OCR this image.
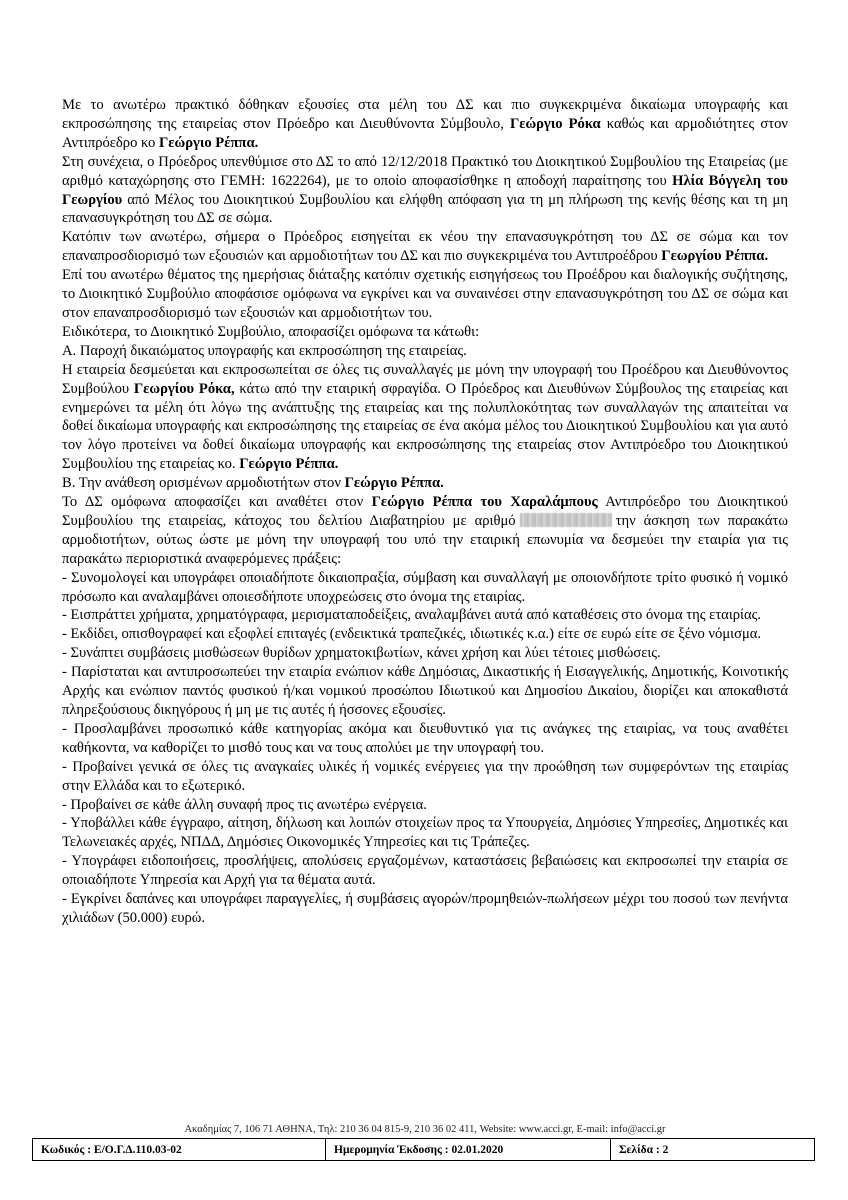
Με το ανωτέρω πρακτικό δόθηκαν εξουσίες στα μέλη του ΔΣ και πιο συγκεκριμένα δικαίωμα υπογραφής και εκπροσώπησης της εταιρείας στον Πρόεδρο και Διευθύνοντα Σύμβουλο, Γεώργιο Ρόκα καθώς και αρμοδιότητες στον Αντιπρόεδρο κο Γεώργιο Ρέππα.

Στη συνέχεια, ο Πρόεδρος υπενθύμισε στο ΔΣ το από 12/12/2018 Πρακτικό του Διοικητικού Συμβουλίου της Εταιρείας (με αριθμό καταχώρησης στο ΓΕΜΗ: 1622264), με το οποίο αποφασίσθηκε η αποδοχή παραίτησης του Ηλία Βόγγελη του Γεωργίου από Μέλος του Διοικητικού Συμβουλίου και ελήφθη απόφαση για τη μη πλήρωση της κενής θέσης και τη μη επανασυγκρότηση του ΔΣ σε σώμα.

Κατόπιν των ανωτέρω, σήμερα ο Πρόεδρος εισηγείται εκ νέου την επανασυγκρότηση του ΔΣ σε σώμα και τον επαναπροσδιορισμό των εξουσιών και αρμοδιοτήτων του ΔΣ και πιο συγκεκριμένα του Αντιπροέδρου Γεωργίου Ρέππα.

Επί του ανωτέρω θέματος της ημερήσιας διάταξης κατόπιν σχετικής εισηγήσεως του Προέδρου και διαλογικής συζήτησης, το Διοικητικό Συμβούλιο αποφάσισε ομόφωνα να εγκρίνει και να συναινέσει στην επανασυγκρότηση του ΔΣ σε σώμα και στον επαναπροσδιορισμό των εξουσιών και αρμοδιοτήτων του.

Ειδικότερα, το Διοικητικό Συμβούλιο, αποφασίζει ομόφωνα τα κάτωθι:

Α. Παροχή δικαιώματος υπογραφής και εκπροσώπηση της εταιρείας.

Η εταιρεία δεσμεύεται και εκπροσωπείται σε όλες τις συναλλαγές με μόνη την υπογραφή του Προέδρου και Διευθύνοντος Συμβούλου Γεωργίου Ρόκα, κάτω από την εταιρική σφραγίδα. Ο Πρόεδρος και Διευθύνων Σύμβουλος της εταιρείας και ενημερώνει τα μέλη ότι λόγω της ανάπτυξης της εταιρείας και της πολυπλοκότητας των συναλλαγών της απαιτείται να δοθεί δικαίωμα υπογραφής και εκπροσώπησης της εταιρείας σε ένα ακόμα μέλος του Διοικητικού Συμβουλίου και για αυτό τον λόγο προτείνει να δοθεί δικαίωμα υπογραφής και εκπροσώπησης της εταιρείας στον Αντιπρόεδρο του Διοικητικού Συμβουλίου της εταιρείας κο. Γεώργιο Ρέππα.

Β. Την ανάθεση ορισμένων αρμοδιοτήτων στον Γεώργιο Ρέππα.

Το ΔΣ ομόφωνα αποφασίζει και αναθέτει στον Γεώργιο Ρέππα του Χαραλάμπους Αντιπρόεδρο του Διοικητικού Συμβουλίου της εταιρείας, κάτοχος του δελτίου Διαβατηρίου με αριθμό	την άσκηση των παρακάτω αρμοδιοτήτων, ούτως ώστε με μόνη την υπογραφή του υπό την εταιρική επωνυμία να δεσμεύει την εταιρία για τις παρακάτω περιοριστικά αναφερόμενες πράξεις:

- Συνομολογεί και υπογράφει οποιαδήποτε δικαιοπραξία, σύμβαση και συναλλαγή με οποιονδήποτε τρίτο φυσικό ή νομικό πρόσωπο και αναλαμβάνει οποιεσδήποτε υποχρεώσεις στο όνομα της εταιρίας.

- Εισπράττει χρήματα, χρηματόγραφα, μερισματαποδείξεις, αναλαμβάνει αυτά από καταθέσεις στο όνομα της εταιρίας.

- Εκδίδει, οπισθογραφεί και εξοφλεί επιταγές (ενδεικτικά τραπεζικές, ιδιωτικές κ.α.) είτε σε ευρώ είτε σε ξένο νόμισμα.

- Συνάπτει συμβάσεις μισθώσεων θυρίδων χρηματοκιβωτίων, κάνει χρήση και λύει τέτοιες μισθώσεις.

- Παρίσταται και αντιπροσωπεύει την εταιρία ενώπιον κάθε Δημόσιας, Δικαστικής ή Εισαγγελικής, Δημοτικής, Κοινοτικής Αρχής και ενώπιον παντός φυσικού ή/και νομικού προσώπου Ιδιωτικού και Δημοσίου Δικαίου, διορίζει και αποκαθιστά πληρεξούσιους δικηγόρους ή μη με τις αυτές ή ήσσονες εξουσίες.

- Προσλαμβάνει προσωπικό κάθε κατηγορίας ακόμα και διευθυντικό για τις ανάγκες της εταιρίας, να τους αναθέτει καθήκοντα, να καθορίζει το μισθό τους και να τους απολύει με την υπογραφή του.

- Προβαίνει γενικά σε όλες τις αναγκαίες υλικές ή νομικές ενέργειες για την προώθηση των συμφερόντων της εταιρίας στην Ελλάδα και το εξωτερικό.

- Προβαίνει σε κάθε άλλη συναφή προς τις ανωτέρω ενέργεια.

- Υποβάλλει κάθε έγγραφο, αίτηση, δήλωση και λοιπών στοιχείων προς τα Υπουργεία, Δημόσιες Υπηρεσίες, Δημοτικές και Τελωνειακές αρχές, ΝΠΔΔ, Δημόσιες Οικονομικές Υπηρεσίες και τις Τράπεζες.

- Υπογράφει ειδοποιήσεις, προσλήψεις, απολύσεις εργαζομένων, καταστάσεις βεβαιώσεις και εκπροσωπεί την εταιρία σε οποιαδήποτε Υπηρεσία και Αρχή για τα θέματα αυτά.

- Εγκρίνει δαπάνες και υπογράφει παραγγελίες, ή συμβάσεις αγορών/προμηθειών-πωλήσεων μέχρι του ποσού των πενήντα χιλιάδων (50.000) ευρώ.

Ακαδημίας 7, 106 71 ΑΘΗΝΑ, Τηλ: 210 36 04 815-9, 210 36 02 411, Website: www.acci.gr, E-mail: info@acci.gr
Κωδικός : Ε/Ο.Γ.Δ.110.03-02	Ημερομηνία Έκδοσης : 02.01.2020	Σελίδα : 2
